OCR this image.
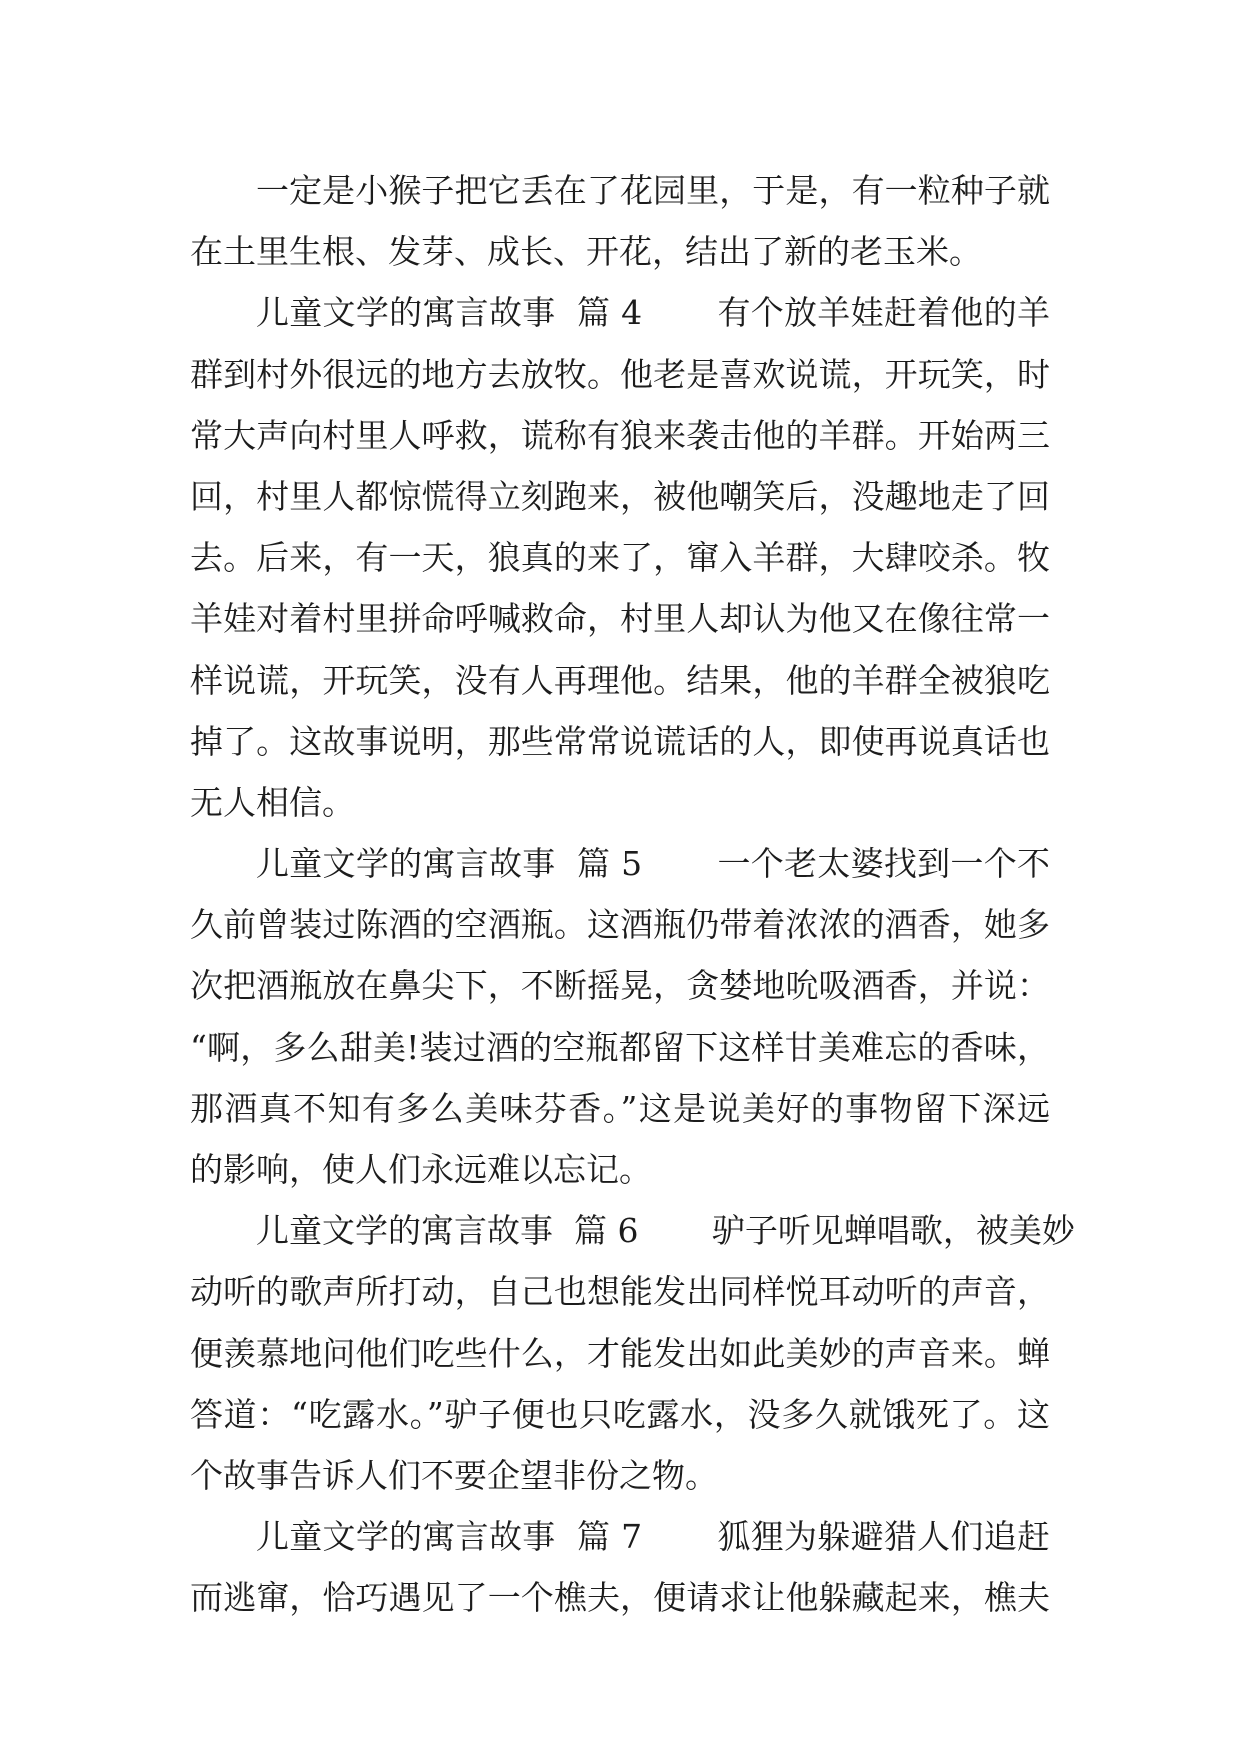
一定是小猴子把它丢在了花园里，于是，有一粒种子就
在土里生根、发芽、成长、开花，结出了新的老玉米。
儿童文学的寓言故事  篇 4       有个放羊娃赶着他的羊
群到村外很远的地方去放牧。他老是喜欢说谎，开玩笑，时
常大声向村里人呼救，谎称有狼来袭击他的羊群。开始两三
回，村里人都惊慌得立刻跑来，被他嘲笑后，没趣地走了回
去。后来，有一天，狼真的来了，窜入羊群，大肆咬杀。牧
羊娃对着村里拼命呼喊救命，村里人却认为他又在像往常一
样说谎，开玩笑，没有人再理他。结果，他的羊群全被狼吃
掉了。这故事说明，那些常常说谎话的人，即使再说真话也
无人相信。
儿童文学的寓言故事  篇 5       一个老太婆找到一个不
久前曾装过陈酒的空酒瓶。这酒瓶仍带着浓浓的酒香，她多
次把酒瓶放在鼻尖下，不断摇晃，贪婪地吮吸酒香，并说：
“啊，多么甜美!装过酒的空瓶都留下这样甘美难忘的香味，
那酒真不知有多么美味芬香。”这是说美好的事物留下深远
的影响，使人们永远难以忘记。
儿童文学的寓言故事  篇 6       驴子听见蝉唱歌，被美妙
动听的歌声所打动，自己也想能发出同样悦耳动听的声音，
便羡慕地问他们吃些什么，才能发出如此美妙的声音来。蝉
答道：“吃露水。”驴子便也只吃露水，没多久就饿死了。这
个故事告诉人们不要企望非份之物。
儿童文学的寓言故事  篇 7       狐狸为躲避猎人们追赶
而逃窜，恰巧遇见了一个樵夫，便请求让他躲藏起来，樵夫
